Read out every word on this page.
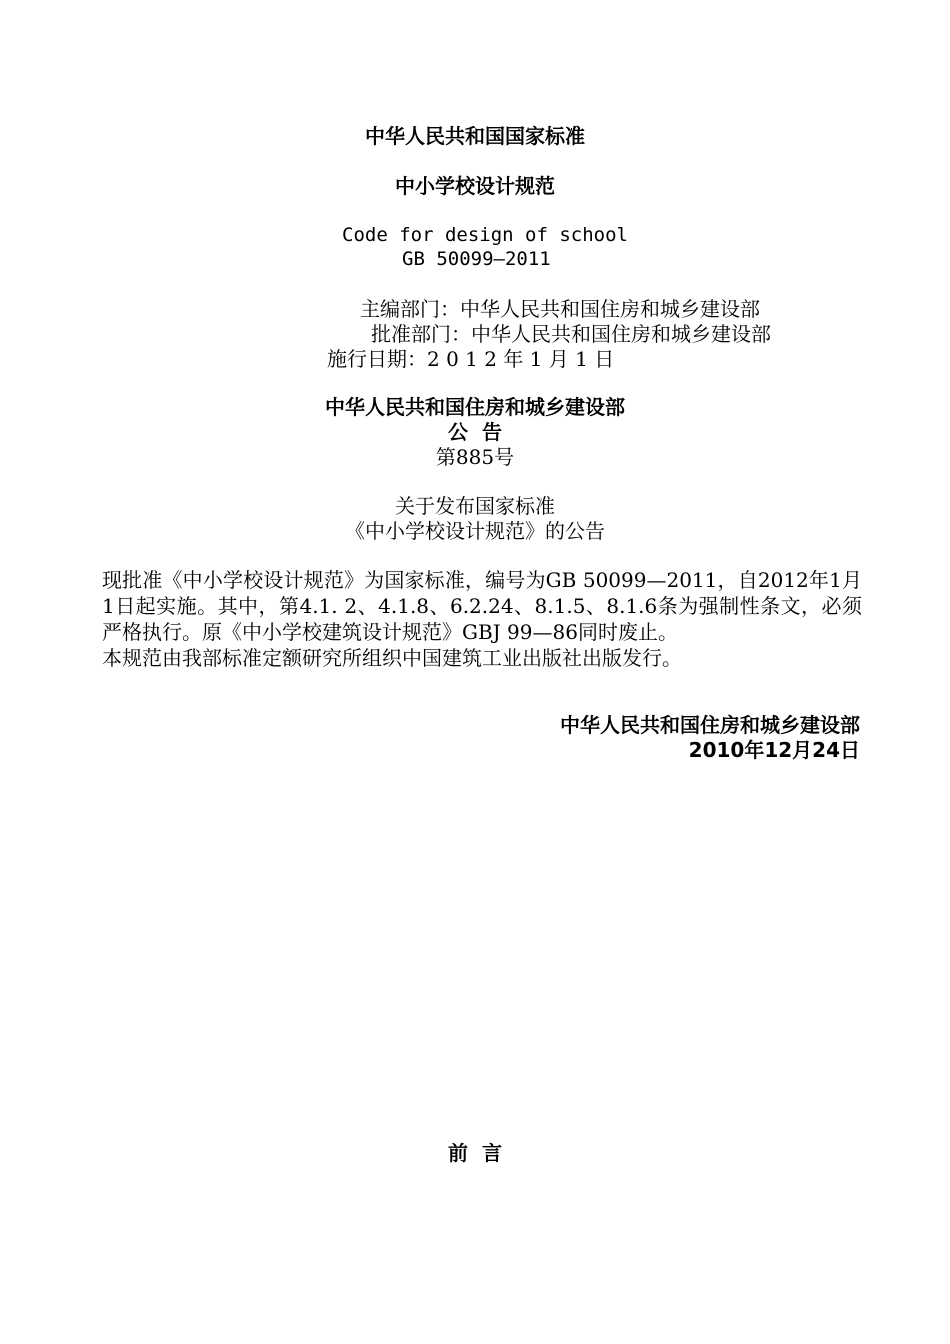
中华人民共和国国家标准
中小学校设计规范
Code for design of school
GB 50099—2011
主编部门：中华人民共和国住房和城乡建设部
批准部门：中华人民共和国住房和城乡建设部
施行日期：2 0 1 2 年 1 月 1 日
中华人民共和国住房和城乡建设部
公  告
第885号
关于发布国家标准
《中小学校设计规范》的公告

现批准《中小学校设计规范》为国家标准，编号为GB 50099—2011，自2012年1月1日起实施。其中，第4.1. 2、4.1.8、6.2.24、8.1.5、8.1.6条为强制性条文，必须严格执行。原《中小学校建筑设计规范》GBJ 99—86同时废止。

本规范由我部标准定额研究所组织中国建筑工业出版社出版发行。

中华人民共和国住房和城乡建设部
2010年12月24日
前  言
